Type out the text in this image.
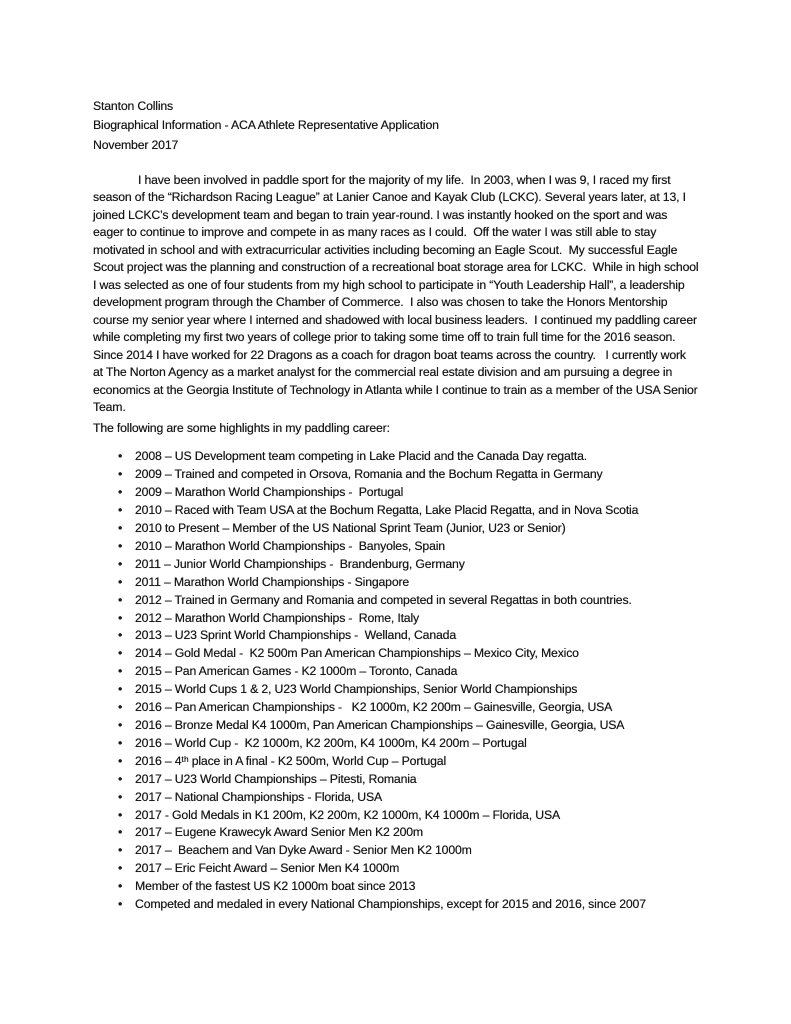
Stanton Collins
Biographical Information - ACA Athlete Representative Application
November 2017

I have been involved in paddle sport for the majority of my life.  In 2003, when I was 9, I raced my first season of the “Richardson Racing League” at Lanier Canoe and Kayak Club (LCKC). Several years later, at 13, I joined LCKC’s development team and began to train year-round. I was instantly hooked on the sport and was eager to continue to improve and compete in as many races as I could.  Off the water I was still able to stay motivated in school and with extracurricular activities including becoming an Eagle Scout.  My successful Eagle Scout project was the planning and construction of a recreational boat storage area for LCKC.  While in high school I was selected as one of four students from my high school to participate in “Youth Leadership Hall”, a leadership development program through the Chamber of Commerce.  I also was chosen to take the Honors Mentorship course my senior year where I interned and shadowed with local business leaders.  I continued my paddling career while completing my first two years of college prior to taking some time off to train full time for the 2016 season.   Since 2014 I have worked for 22 Dragons as a coach for dragon boat teams across the country.   I currently work at The Norton Agency as a market analyst for the commercial real estate division and am pursuing a degree in economics at the Georgia Institute of Technology in Atlanta while I continue to train as a member of the USA Senior Team.

The following are some highlights in my paddling career:

• 2008 – US Development team competing in Lake Placid and the Canada Day regatta.
• 2009 – Trained and competed in Orsova, Romania and the Bochum Regatta in Germany
• 2009 – Marathon World Championships -  Portugal
• 2010 – Raced with Team USA at the Bochum Regatta, Lake Placid Regatta, and in Nova Scotia
• 2010 to Present – Member of the US National Sprint Team (Junior, U23 or Senior)
• 2010 – Marathon World Championships -  Banyoles, Spain
• 2011 – Junior World Championships -  Brandenburg, Germany
• 2011 – Marathon World Championships - Singapore
• 2012 – Trained in Germany and Romania and competed in several Regattas in both countries.
• 2012 – Marathon World Championships -  Rome, Italy
• 2013 – U23 Sprint World Championships -  Welland, Canada
• 2014 – Gold Medal -  K2 500m Pan American Championships – Mexico City, Mexico
• 2015 – Pan American Games - K2 1000m – Toronto, Canada
• 2015 – World Cups 1 & 2, U23 World Championships, Senior World Championships
• 2016 – Pan American Championships -   K2 1000m, K2 200m – Gainesville, Georgia, USA
• 2016 – Bronze Medal K4 1000m, Pan American Championships – Gainesville, Georgia, USA
• 2016 – World Cup -  K2 1000m, K2 200m, K4 1000m, K4 200m – Portugal
• 2016 – 4ᵗʰ place in A final - K2 500m, World Cup – Portugal
• 2017 – U23 World Championships – Pitesti, Romania
• 2017 – National Championships - Florida, USA
• 2017 - Gold Medals in K1 200m, K2 200m, K2 1000m, K4 1000m – Florida, USA
• 2017 – Eugene Krawecyk Award Senior Men K2 200m
• 2017 –  Beachem and Van Dyke Award - Senior Men K2 1000m
• 2017 – Eric Feicht Award – Senior Men K4 1000m
• Member of the fastest US K2 1000m boat since 2013
• Competed and medaled in every National Championships, except for 2015 and 2016, since 2007
